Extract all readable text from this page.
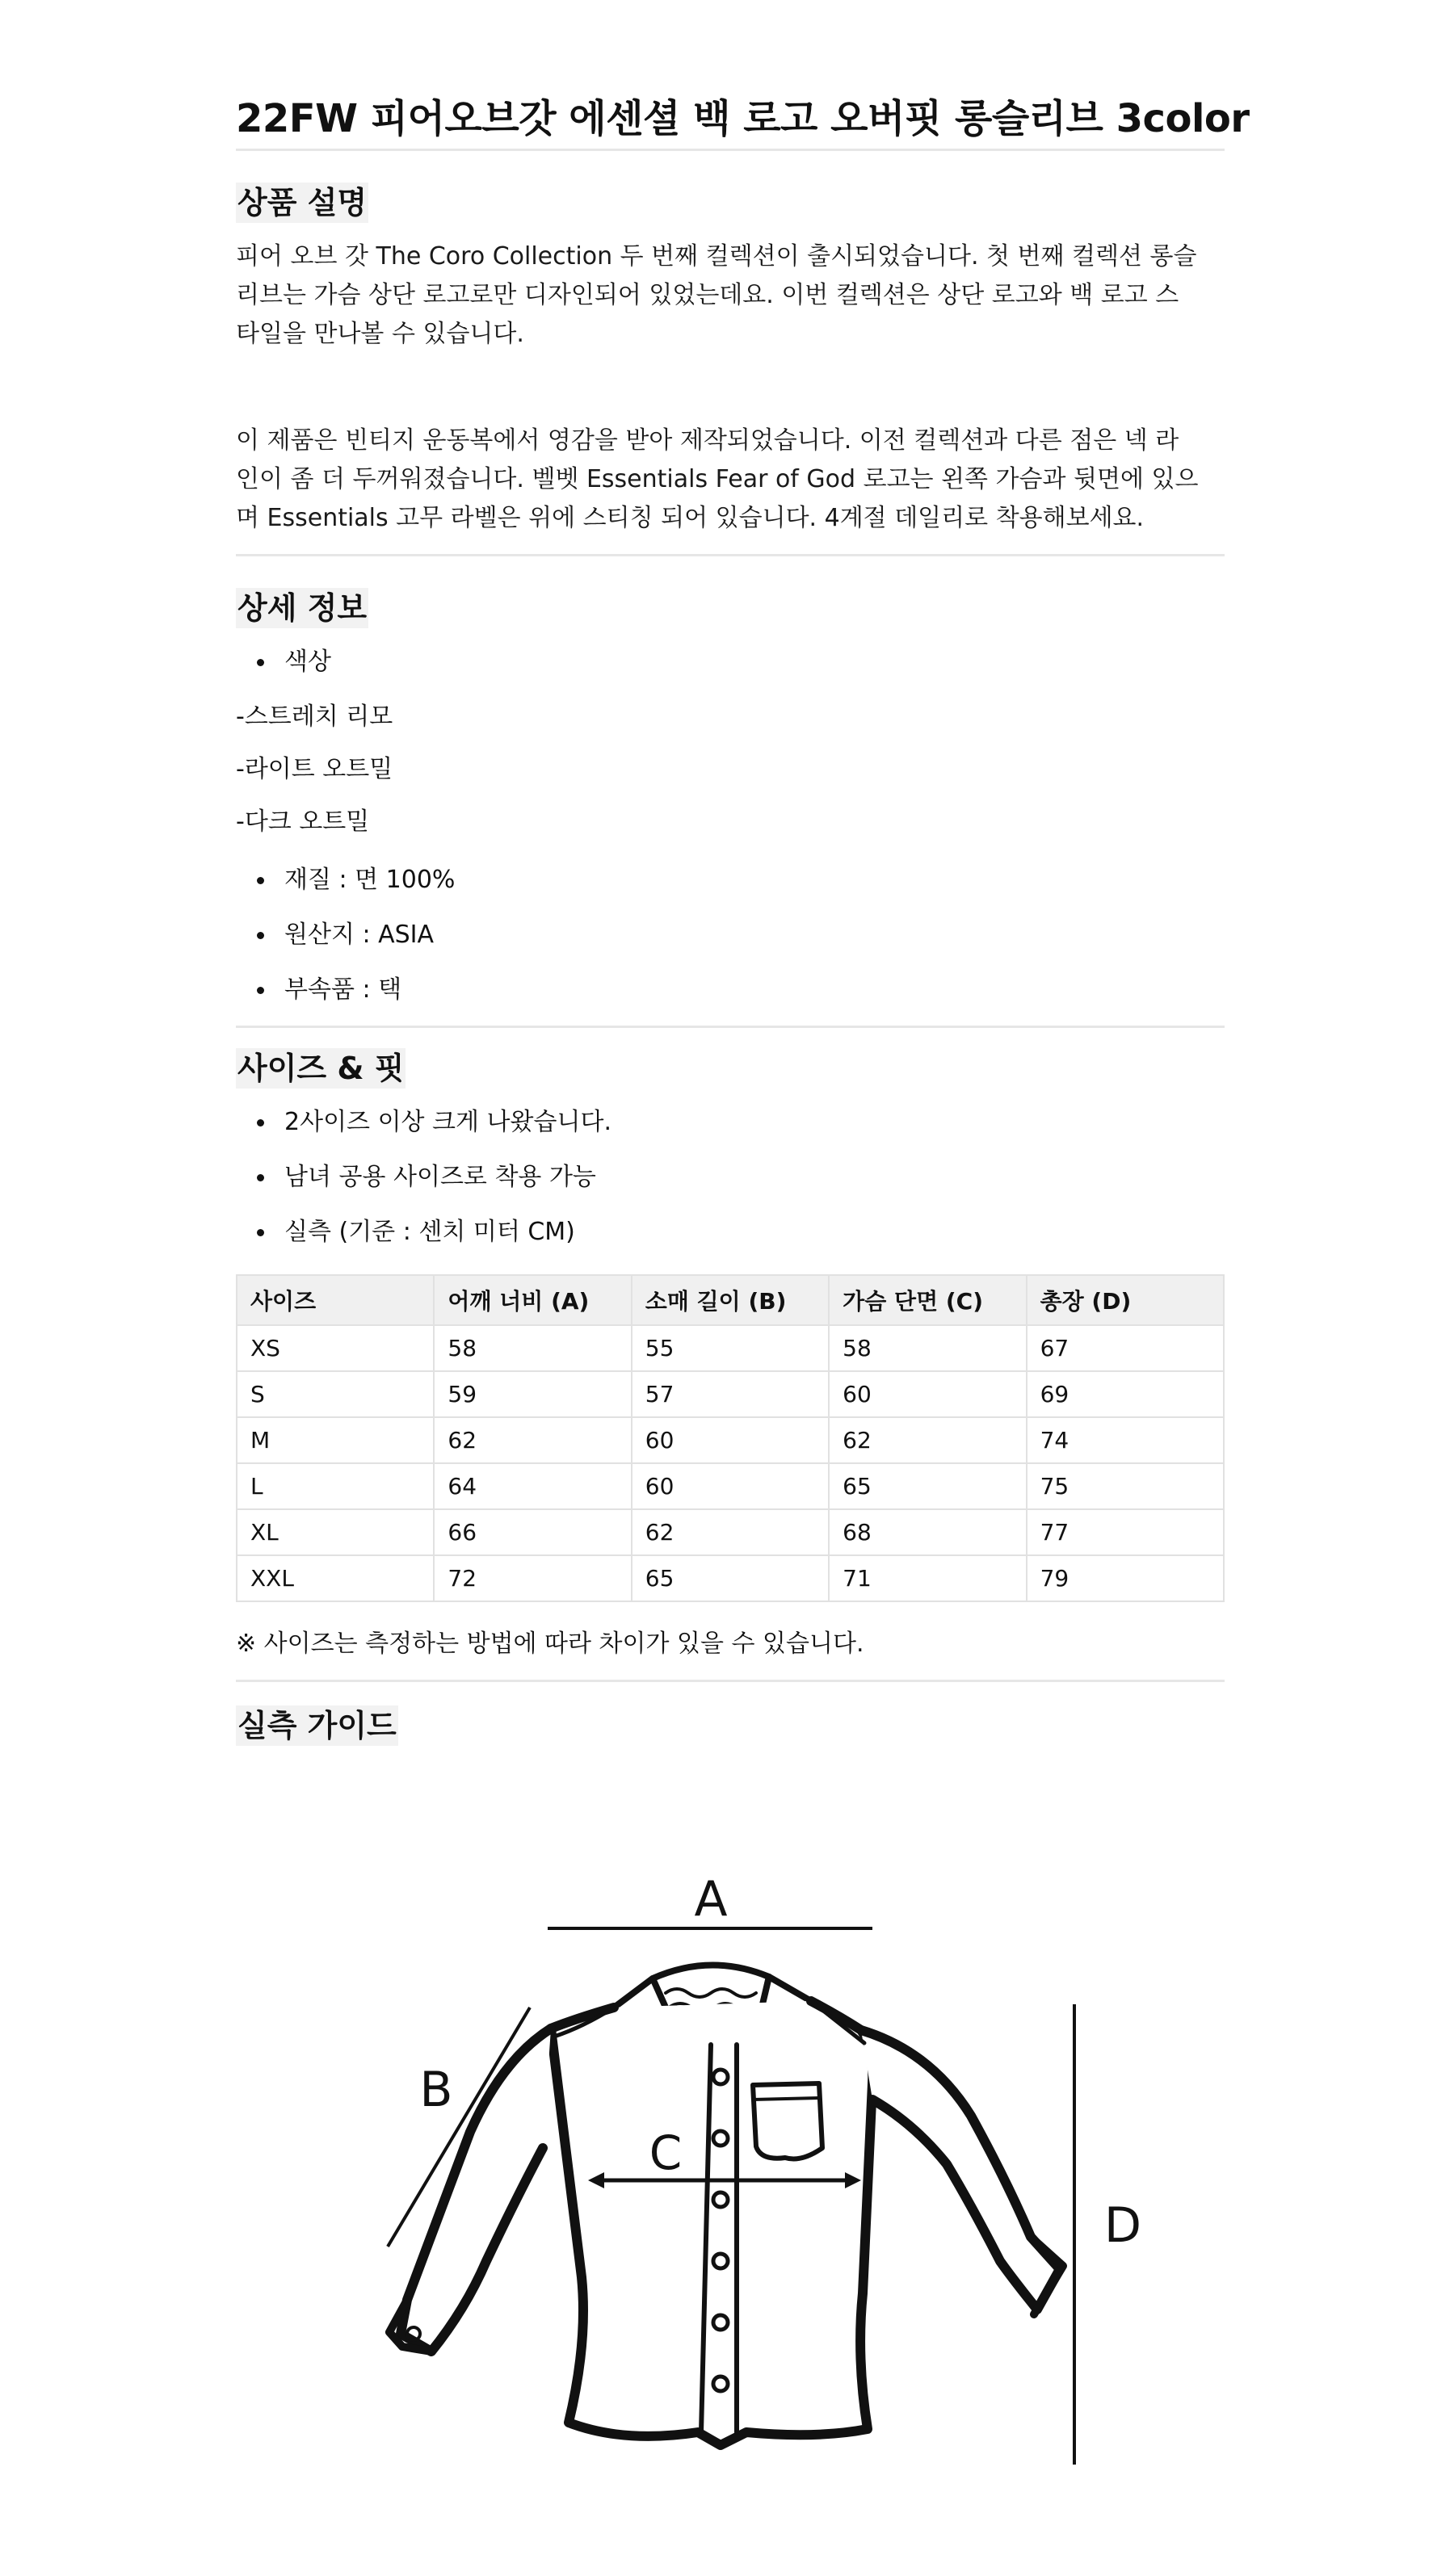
22FW 피어오브갓 에센셜 백 로고 오버핏 롱슬리브 3color
상품 설명
피어 오브 갓 The Coro Collection 두 번째 컬렉션이 출시되었습니다. 첫 번째 컬렉션 롱슬
리브는 가슴 상단 로고로만 디자인되어 있었는데요. 이번 컬렉션은 상단 로고와 백 로고 스
타일을 만나볼 수 있습니다.
이 제품은 빈티지 운동복에서 영감을 받아 제작되었습니다. 이전 컬렉션과 다른 점은 넥 라
인이 좀 더 두꺼워졌습니다. 벨벳 Essentials Fear of God 로고는 왼쪽 가슴과 뒷면에 있으
며 Essentials 고무 라벨은 위에 스티칭 되어 있습니다. 4계절 데일리로 착용해보세요.
상세 정보
색상
-스트레치 리모
-라이트 오트밀
-다크 오트밀
재질 : 면 100%
원산지 : ASIA
부속품 : 택
사이즈 & 핏
2사이즈 이상 크게 나왔습니다.
남녀 공용 사이즈로 착용 가능
실측 (기준 : 센치 미터 CM)
사이즈	어깨 너비 (A)	소매 길이 (B)	가슴 단면 (C)	총장 (D)
XS	58	55	58	67
S	59	57	60	69
M	62	60	62	74
L	64	60	65	75
XL	66	62	68	77
XXL	72	65	71	79
※ 사이즈는 측정하는 방법에 따라 차이가 있을 수 있습니다.
실측 가이드
A
B
D
C
